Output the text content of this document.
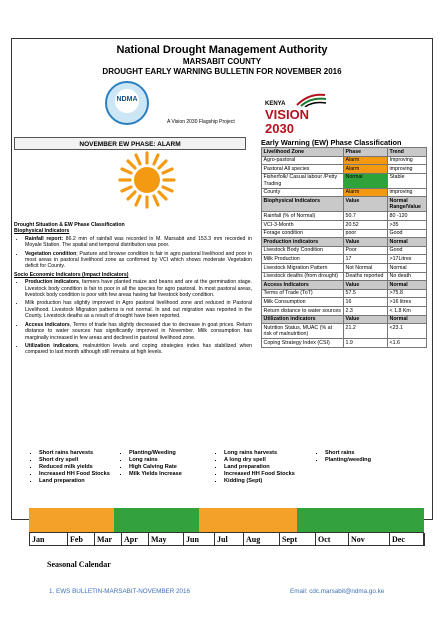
National Drought Management Authority
MARSABIT COUNTY
DROUGHT EARLY WARNING BULLETIN FOR NOVEMBER 2016
NDMA
A Vision 2030 Flagship Project
KENYA
VISION 2030
NOVEMBER EW PHASE: ALARM
Drought Situation & EW Phase Classification
Biophysical Indicators
• Rainfall report: 86.2 mm of rainfall was recorded in M. Marsabit and 153.3 mm recorded in Moyale Station. The spatial and temporal distribution was poor.
• Vegetation condition; Pasture and browse condition is fair in agro pastoral livelihood and poor in most areas in pastoral livelihood zone as confirmed by VCI which shows moderate Vegetation deficit for County.
Socio Economic Indicators (Impact Indicators)
• Production indicators, farmers have planted maize and beans and are at the germination stage. Livestock body condition is fair to poor in all the species for agro pastoral. In most pastoral areas, livestock body condition is poor with few areas having fair livestock body condition.
• Milk production has slightly improved in Agro pastoral livelihood zone and reduced in Pastoral Livelihood. Livestock Migration patterns is not normal. In and out migration was reported in the County. Livestock deaths as a result of drought have been reported.
• Access indicators, Terms of trade has slightly decreased due to decrease in goat prices. Return distance to water sources has significantly improved in November. Milk consumption has marginally increased in few areas and declined in pastoral livelihood zone.
• Utilization indicators, malnutrition levels and coping strategies index has stabilized when compared to last month although still remains at high levels.
Early Warning (EW) Phase Classification
Livelihood Zone	Phase	Trend
Agro-pastoral	Alarm	Improving
Pastoral All species	Alarm	improving
Fisherfolk/ Casual labour /Petty Trading	Normal	Stable
County	Alarm	improving
Biophysical Indicators	Value	Normal Range/Value
Rainfall (% of Normal)	50.7	80 -120
VCI-3-Month	20.52	>35
Forage condition	poor	Good
Production indicators	Value	Normal
Livestock Body Condition	Poor	Good
Milk Production	17	>17Litres
Livestock Migration Pattern	Not Normal	Normal
Livestock deaths (from drought)	Deaths reported	No death
Access Indicators	Value	Normal
Terms of Trade (ToT)	57.5	>75.8
Milk Consumption	16	>16 litres
Return distance to water sources	2.3	< 1.8 Km
Utilization indicators	Value	Normal
Nutrition Status, MUAC (% at risk of malnutrition)	21.2	<23.1
Coping Strategy Index (CSI)	1.9	<1.6
▪ Short rains harvests
▪ Short dry spell
▪ Reduced milk yields
▪ Increased HH Food Stocks
▪ Land preparation
▪ Planting/Weeding
▪ Long rains
▪ High Calving Rate
▪ Milk Yields Increase
▪ Long rains harvests
▪ A long dry spell
▪ Land preparation
▪ Increased HH Food Stocks
▪ Kidding (Sept)
▪ Short rains
▪ Planting/weeding
Jan	Feb	Mar	Apr	May	Jun	Jul	Aug	Sept	Oct	Nov	Dec
Seasonal Calendar
1. EWS BULLETIN-MARSABIT-NOVEMBER 2016	Email: cdc.marsabit@ndma.go.ke
